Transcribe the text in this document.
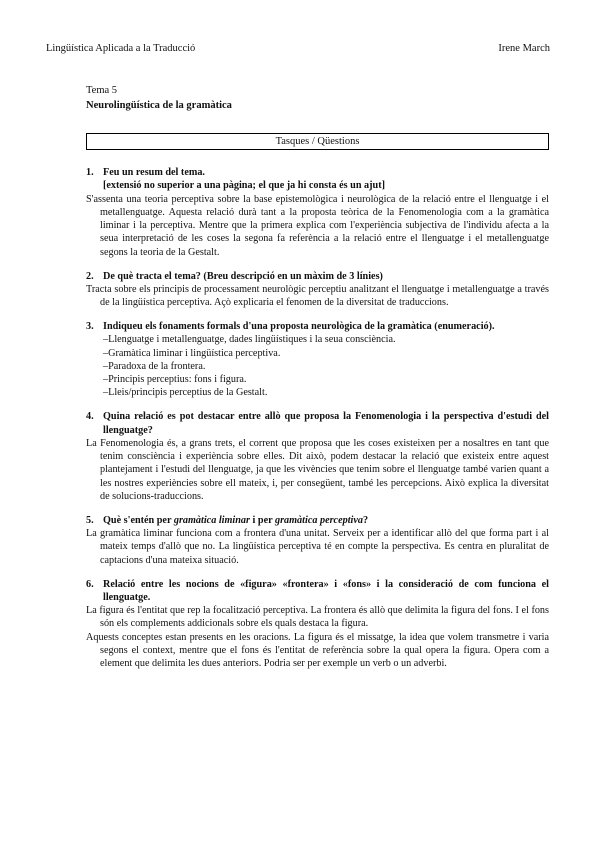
Lingüística Aplicada a la Traducció	Irene March
Tema 5
Neurolingüística de la gramàtica
Tasques / Qüestions
1. Feu un resum del tema.
[extensió no superior a una pàgina; el que ja hi consta és un ajut]
S'assenta una teoria perceptiva sobre la base epistemològica i neurològica de la relació entre el llenguatge i el metallenguatge. Aquesta relació durà tant a la proposta teòrica de la Fenomenologia com a la gramàtica liminar i la perceptiva. Mentre que la primera explica com l'experiència subjectiva de l'individu afecta a la seua interpretació de les coses la segona fa referència a la relació entre el llenguatge i el metallenguatge segons la teoria de la Gestalt.
2. De què tracta el tema? (Breu descripció en un màxim de 3 línies)
Tracta sobre els principis de processament neurològic perceptiu analitzant el llenguatge i metallenguatge a través de la lingüística perceptiva. Açò explicaria el fenomen de la diversitat de traduccions.
3. Indiqueu els fonaments formals d'una proposta neurològica de la gramàtica (enumeració).
–Llenguatge i metallenguatge, dades lingüístiques i la seua consciència.
–Gramàtica liminar i lingüística perceptiva.
–Paradoxa de la frontera.
–Principis perceptius: fons i figura.
–Lleis/principis perceptius de la Gestalt.
4. Quina relació es pot destacar entre allò que proposa la Fenomenologia i la perspectiva d'estudi del llenguatge?
La Fenomenologia és, a grans trets, el corrent que proposa que les coses existeixen per a nosaltres en tant que tenim consciència i experiència sobre elles. Dit això, podem destacar la relació que existeix entre aquest plantejament i l'estudi del llenguatge, ja que les vivències que tenim sobre el llenguatge també varien quant a les nostres experiències sobre ell mateix, i, per consegüent, també les percepcions. Això explica la diversitat de solucions-traduccions.
5. Què s'entén per gramàtica liminar i per gramàtica perceptiva?
La gramàtica liminar funciona com a frontera d'una unitat. Serveix per a identificar allò del que forma part i al mateix temps d'allò que no. La lingüística perceptiva té en compte la perspectiva. Es centra en pluralitat de captacions d'una mateixa situació.
6. Relació entre les nocions de «figura» «frontera» i «fons» i la consideració de com funciona el llenguatge.
La figura és l'entitat que rep la focalització perceptiva. La frontera és allò que delimita la figura del fons. I el fons són els complements addicionals sobre els quals destaca la figura.
Aquests conceptes estan presents en les oracions. La figura és el missatge, la idea que volem transmetre i varia segons el context, mentre que el fons és l'entitat de referència sobre la qual opera la figura. Opera com a element que delimita les dues anteriors. Podria ser per exemple un verb o un adverbi.
